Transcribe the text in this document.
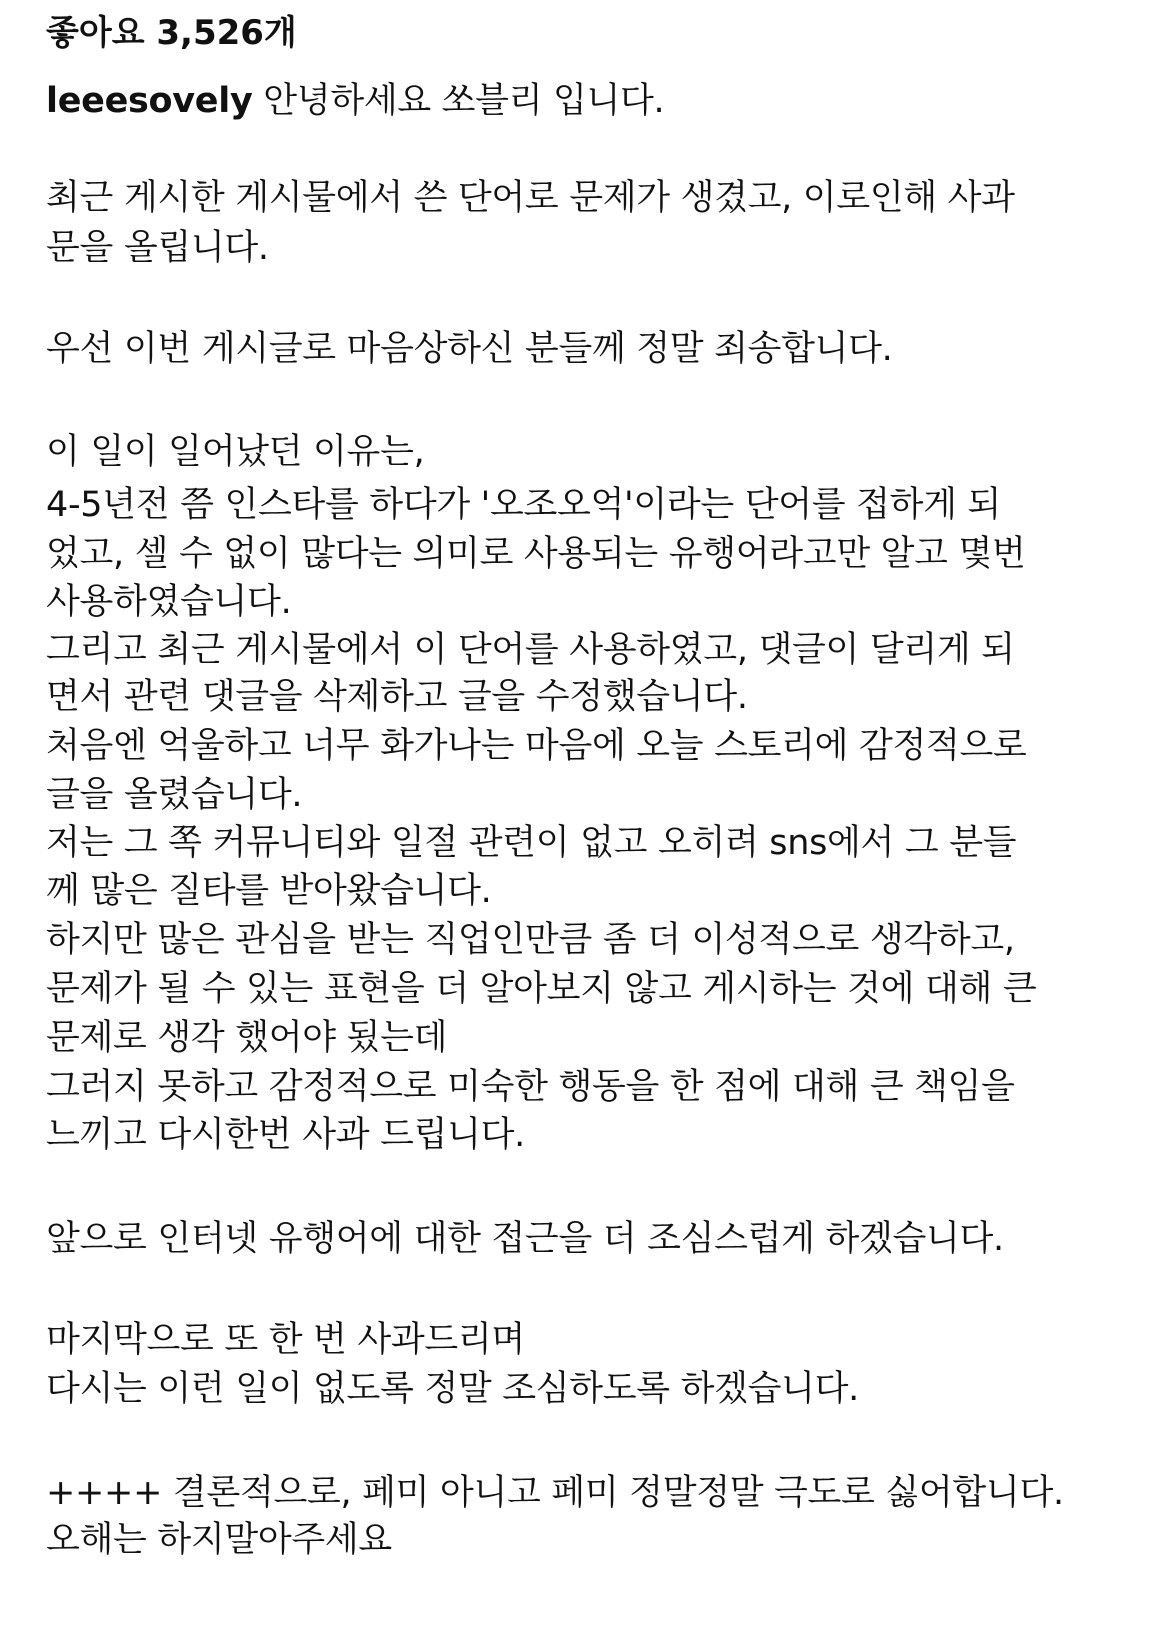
좋아요 3,526개
leeesovely 안녕하세요 쏘블리 입니다.
최근 게시한 게시물에서 쓴 단어로 문제가 생겼고, 이로인해 사과
문을 올립니다.
우선 이번 게시글로 마음상하신 분들께 정말 죄송합니다.
이 일이 일어났던 이유는,
4-5년전 쯤 인스타를 하다가 '오조오억'이라는 단어를 접하게 되
었고, 셀 수 없이 많다는 의미로 사용되는 유행어라고만 알고 몇번
사용하였습니다.
그리고 최근 게시물에서 이 단어를 사용하였고, 댓글이 달리게 되
면서 관련 댓글을 삭제하고 글을 수정했습니다.
처음엔 억울하고 너무 화가나는 마음에 오늘 스토리에 감정적으로
글을 올렸습니다.
저는 그 쪽 커뮤니티와 일절 관련이 없고 오히려 sns에서 그 분들
께 많은 질타를 받아왔습니다.
하지만 많은 관심을 받는 직업인만큼 좀 더 이성적으로 생각하고,
문제가 될 수 있는 표현을 더 알아보지 않고 게시하는 것에 대해 큰
문제로 생각 했어야 됬는데
그러지 못하고 감정적으로 미숙한 행동을 한 점에 대해 큰 책임을
느끼고 다시한번 사과 드립니다.
앞으로 인터넷 유행어에 대한 접근을 더 조심스럽게 하겠습니다.
마지막으로 또 한 번 사과드리며
다시는 이런 일이 없도록 정말 조심하도록 하겠습니다.
++++ 결론적으로, 페미 아니고 페미 정말정말 극도로 싫어합니다.
오해는 하지말아주세요
